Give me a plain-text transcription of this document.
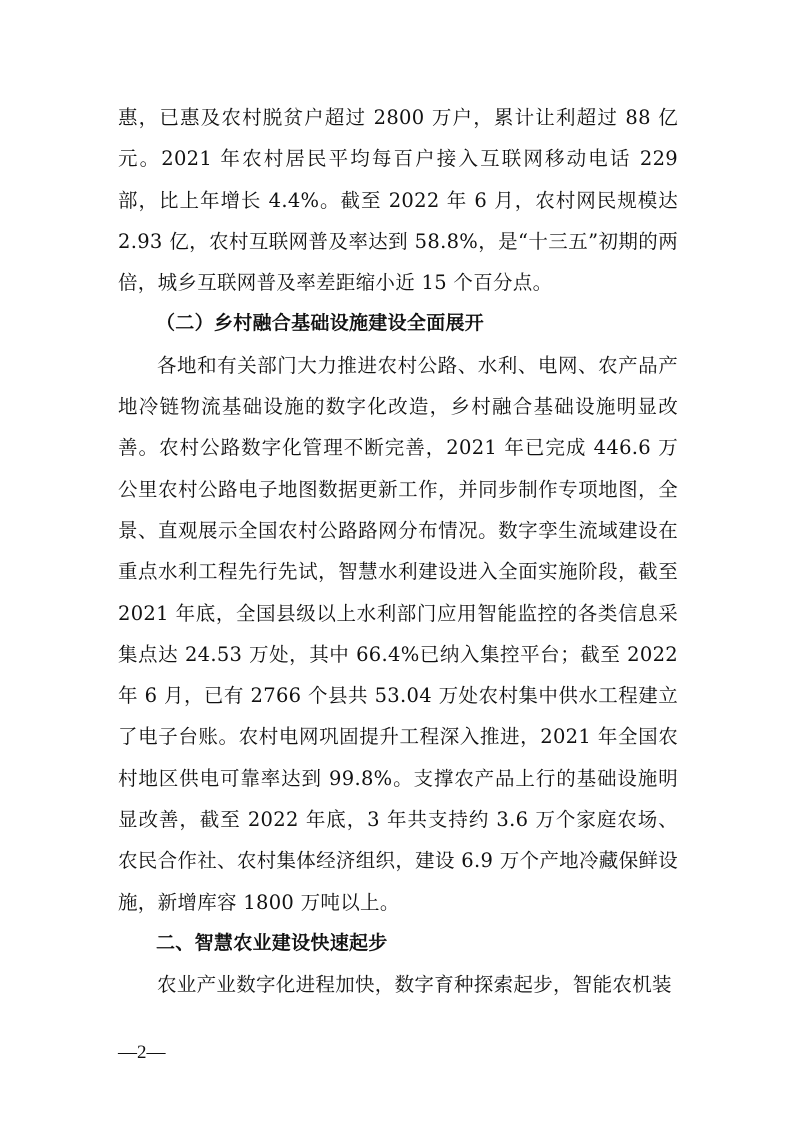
惠，已惠及农村脱贫户超过 2800 万户，累计让利超过 88 亿元。2021 年农村居民平均每百户接入互联网移动电话 229 部，比上年增长 4.4%。截至 2022 年 6 月，农村网民规模达 2.93 亿，农村互联网普及率达到 58.8%，是“十三五”初期的两倍，城乡互联网普及率差距缩小近 15 个百分点。

（二）乡村融合基础设施建设全面展开

各地和有关部门大力推进农村公路、水利、电网、农产品产地冷链物流基础设施的数字化改造，乡村融合基础设施明显改善。农村公路数字化管理不断完善，2021 年已完成 446.6 万公里农村公路电子地图数据更新工作，并同步制作专项地图，全景、直观展示全国农村公路路网分布情况。数字孪生流域建设在重点水利工程先行先试，智慧水利建设进入全面实施阶段，截至 2021 年底，全国县级以上水利部门应用智能监控的各类信息采集点达 24.53 万处，其中 66.4%已纳入集控平台；截至 2022 年 6 月，已有 2766 个县共 53.04 万处农村集中供水工程建立了电子台账。农村电网巩固提升工程深入推进，2021 年全国农村地区供电可靠率达到 99.8%。支撑农产品上行的基础设施明显改善，截至 2022 年底，3 年共支持约 3.6 万个家庭农场、农民合作社、农村集体经济组织，建设 6.9 万个产地冷藏保鲜设施，新增库容 1800 万吨以上。

二、智慧农业建设快速起步

农业产业数字化进程加快，数字育种探索起步，智能农机装

—2—
